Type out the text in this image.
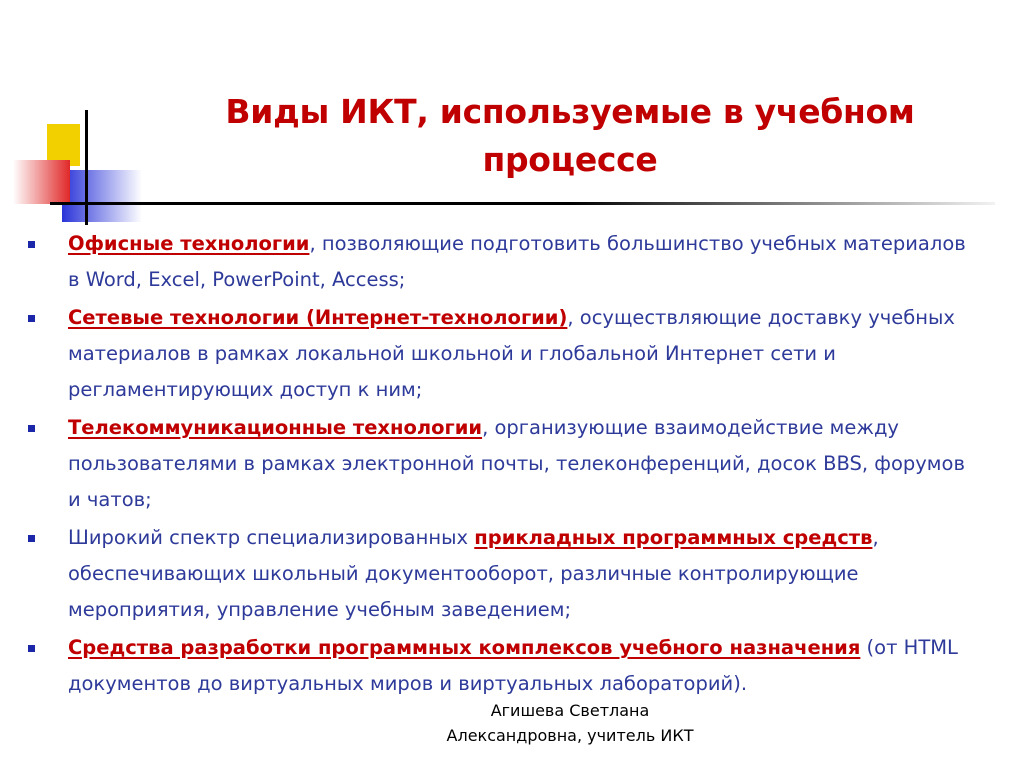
Виды ИКТ, используемые в учебном процессе
Офисные технологии, позволяющие подготовить большинство учебных материалов в Word, Excel, PowerPoint, Access;
Сетевые технологии (Интернет-технологии), осуществляющие доставку учебных материалов в рамках локальной школьной и глобальной Интернет сети и регламентирующих доступ к ним;
Телекоммуникационные технологии, организующие взаимодействие между пользователями в рамках электронной почты, телеконференций, досок BBS, форумов и чатов;
Широкий спектр специализированных прикладных программных средств, обеспечивающих школьный документооборот, различные контролирующие мероприятия, управление учебным заведением;
Средства разработки программных комплексов учебного назначения (от HTML документов до виртуальных миров и виртуальных лабораторий).
Агишева Светлана
Александровна, учитель ИКТ
